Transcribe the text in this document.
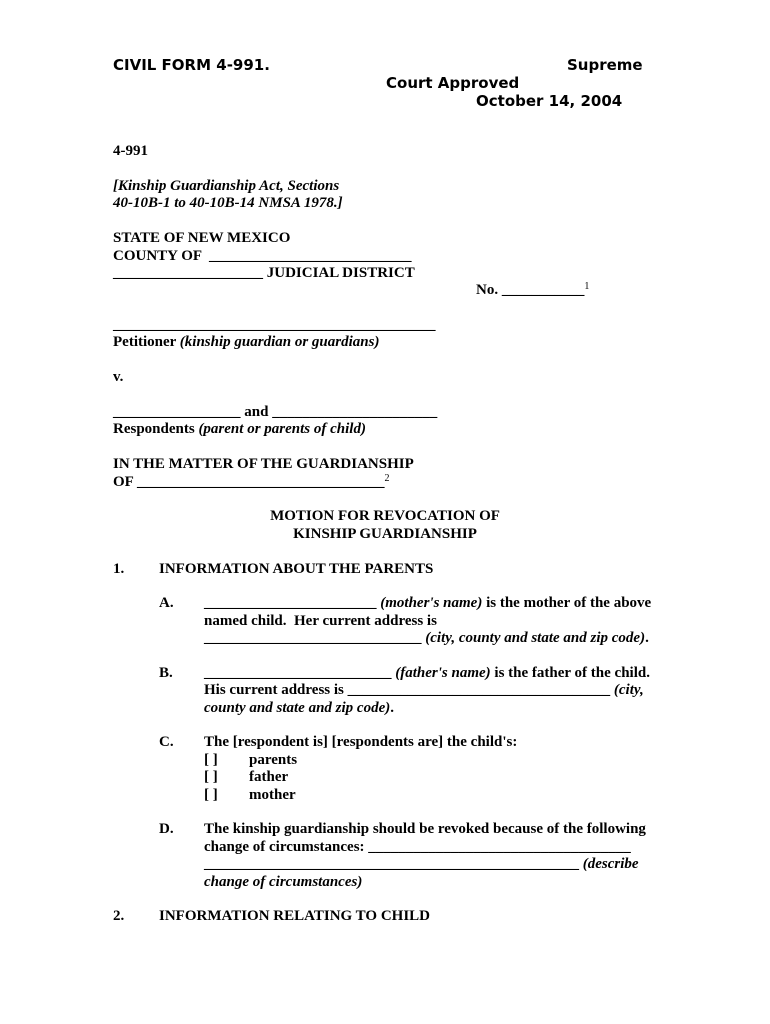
CIVIL FORM 4-991.	Supreme
Court Approved
October 14, 2004
4-991
[Kinship Guardianship Act, Sections
40-10B-1 to 40-10B-14 NMSA 1978.]
STATE OF NEW MEXICO
COUNTY OF ___________________________
____________________ JUDICIAL DISTRICT
No. ___________ 1
___________________________________________
Petitioner (kinship guardian or guardians)
v.
_________________ and ______________________
Respondents (parent or parents of child)
IN THE MATTER OF THE GUARDIANSHIP
OF _________________________________ 2
MOTION FOR REVOCATION OF
KINSHIP GUARDIANSHIP
1. INFORMATION ABOUT THE PARENTS
A. _______________________ (mother's name) is the mother of the above
named child.  Her current address is
_____________________________ (city, county and state and zip code) .
B. _________________________ (father's name) is the father of the child.
His current address is ___________________________________ (city,
county and state and zip code) .
C. The [respondent is] [respondents are] the child's:
[ ] parents
[ ] father
[ ] mother
D. The kinship guardianship should be revoked because of the following
change of circumstances: ___________________________________
__________________________________________________ (describe
change of circumstances)
2. INFORMATION RELATING TO CHILD
